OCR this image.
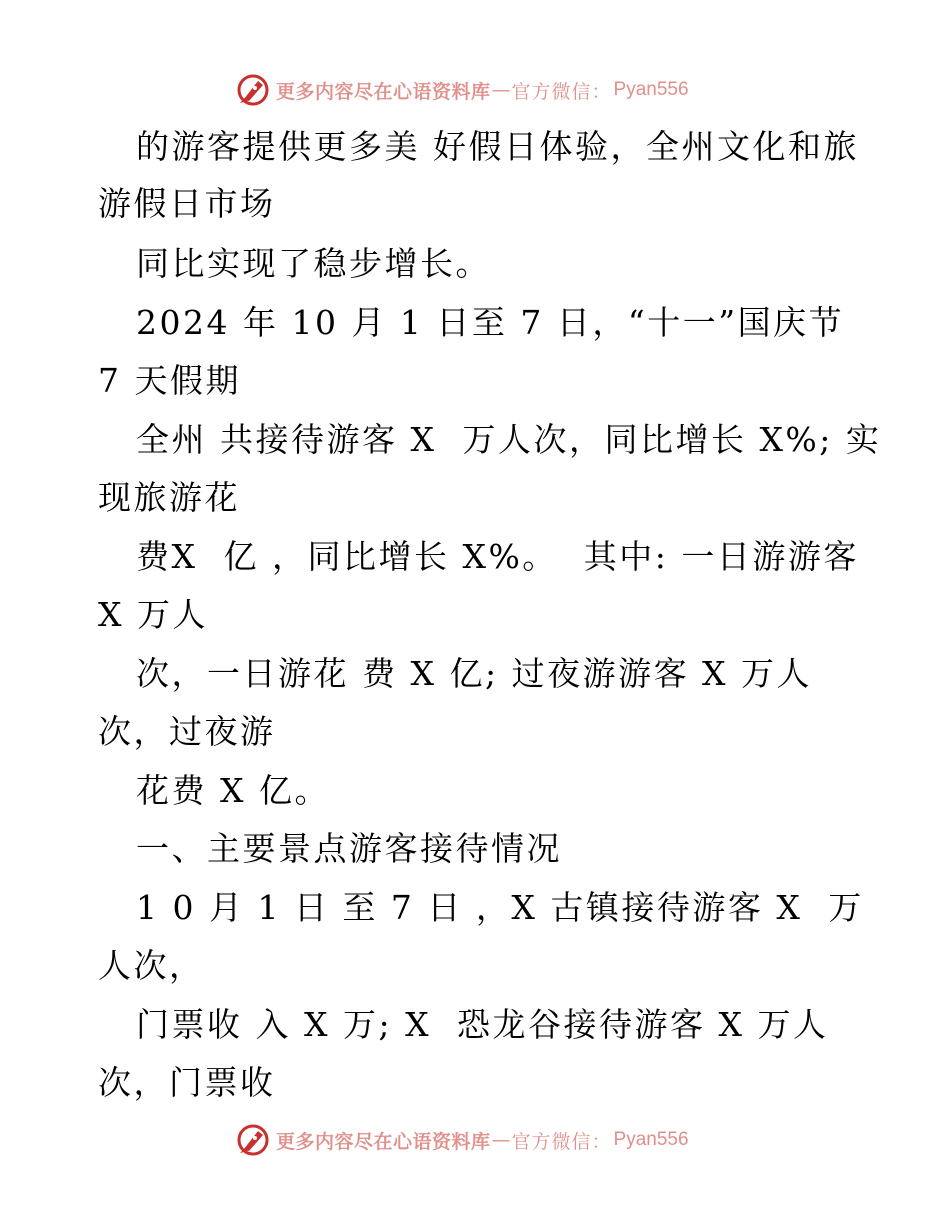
更多内容尽在心语资料库 — 官方微信： Pyan556
的游客提供更多美 好假日体验，全州文化和旅
游假日市场
同比实现了稳步增长。
2024 年 10 月 1 日至 7 日，“十一”国庆节
7 天假期
全州 共接待游客 X  万人次，同比增长 X%; 实
现旅游花
费X  亿 ，同比增长 X%。  其中: 一日游游客
X 万人
次，一日游花 费 X 亿; 过夜游游客 X 万人
次，过夜游
花费 X 亿。
一、主要景点游客接待情况
1 0 月 1 日 至 7 日 ，X 古镇接待游客 X  万
人次，
门票收 入 X 万; X  恐龙谷接待游客 X 万人
次，门票收
更多内容尽在心语资料库 — 官方微信： Pyan556
